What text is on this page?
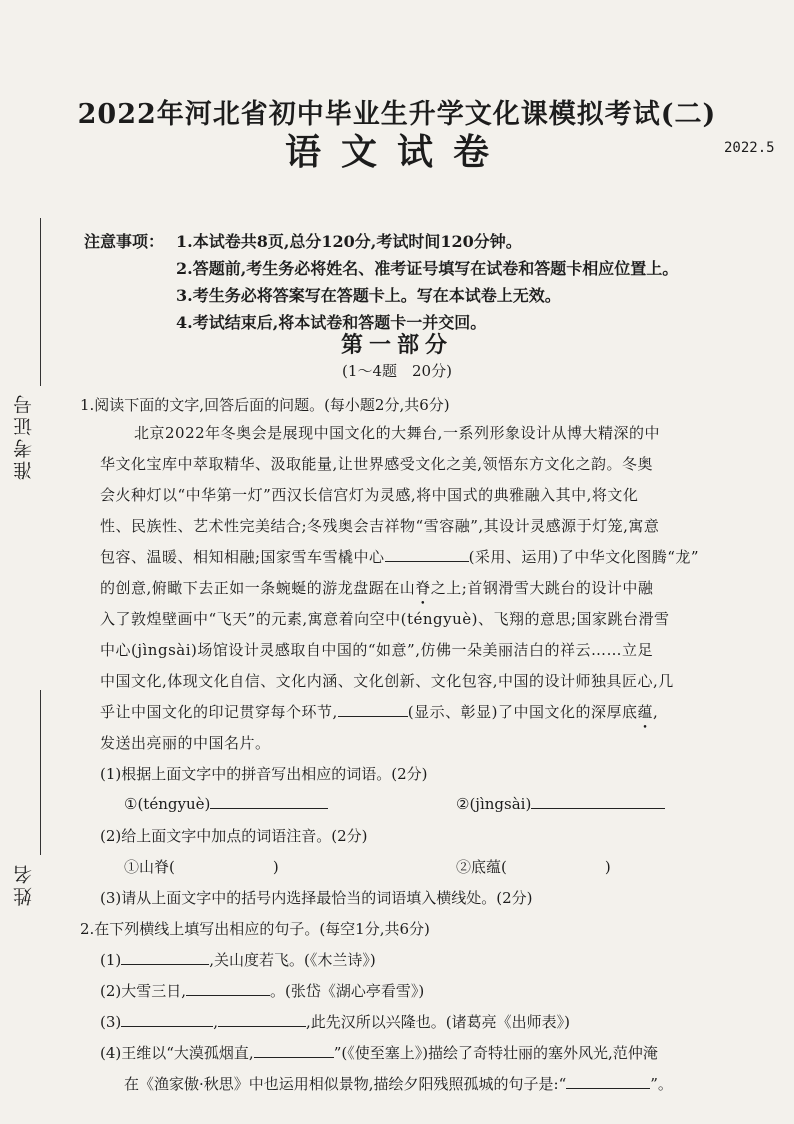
准考证号
姓名
2022年河北省初中毕业生升学文化课模拟考试(二)
语文试卷	2022.5
注意事项： 1.本试卷共8页,总分120分,考试时间120分钟。
2.答题前,考生务必将姓名、准考证号填写在试卷和答题卡相应位置上。
3.考生务必将答案写在答题卡上。写在本试卷上无效。
4.考试结束后,将本试卷和答题卡一并交回。
第一部分
(1～4题　20分)
1.阅读下面的文字,回答后面的问题。(每小题2分,共6分)
北京2022年冬奥会是展现中国文化的大舞台,一系列形象设计从博大精深的中
华文化宝库中萃取精华、汲取能量,让世界感受文化之美,领悟东方文化之韵。冬奥
会火种灯以“中华第一灯”西汉长信宫灯为灵感,将中国式的典雅融入其中,将文化
性、民族性、艺术性完美结合;冬残奥会吉祥物“雪容融”,其设计灵感源于灯笼,寓意
包容、温暖、相知相融;国家雪车雪橇中心	(采用、运用)了中华文化图腾“龙”
的创意,俯瞰下去正如一条蜿蜒的游龙盘踞在山脊之上;首钢滑雪大跳台的设计中融
入了敦煌壁画中“飞天”的元素,寓意着向空中(téngyuè)、飞翔的意思;国家跳台滑雪
中心(jìngsài)场馆设计灵感取自中国的“如意”,仿佛一朵美丽洁白的祥云……立足
中国文化,体现文化自信、文化内涵、文化创新、文化包容,中国的设计师独具匠心,几
乎让中国文化的印记贯穿每个环节,	(显示、彰显)了中国文化的深厚底蕴,
发送出亮丽的中国名片。
(1)根据上面文字中的拼音写出相应的词语。(2分)
①(téngyuè)	②(jìngsài)
(2)给上面文字中加点的词语注音。(2分)
①山脊(	)	②底蕴(	)
(3)请从上面文字中的括号内选择最恰当的词语填入横线处。(2分)
2.在下列横线上填写出相应的句子。(每空1分,共6分)
(1)	,关山度若飞。(《木兰诗》)
(2)大雪三日,	。(张岱《湖心亭看雪》)
(3)	,	,此先汉所以兴隆也。(诸葛亮《出师表》)
(4)王维以“大漠孤烟直,	”(《使至塞上》)描绘了奇特壮丽的塞外风光,范仲淹
在《渔家傲·秋思》中也运用相似景物,描绘夕阳残照孤城的句子是:“	”。
